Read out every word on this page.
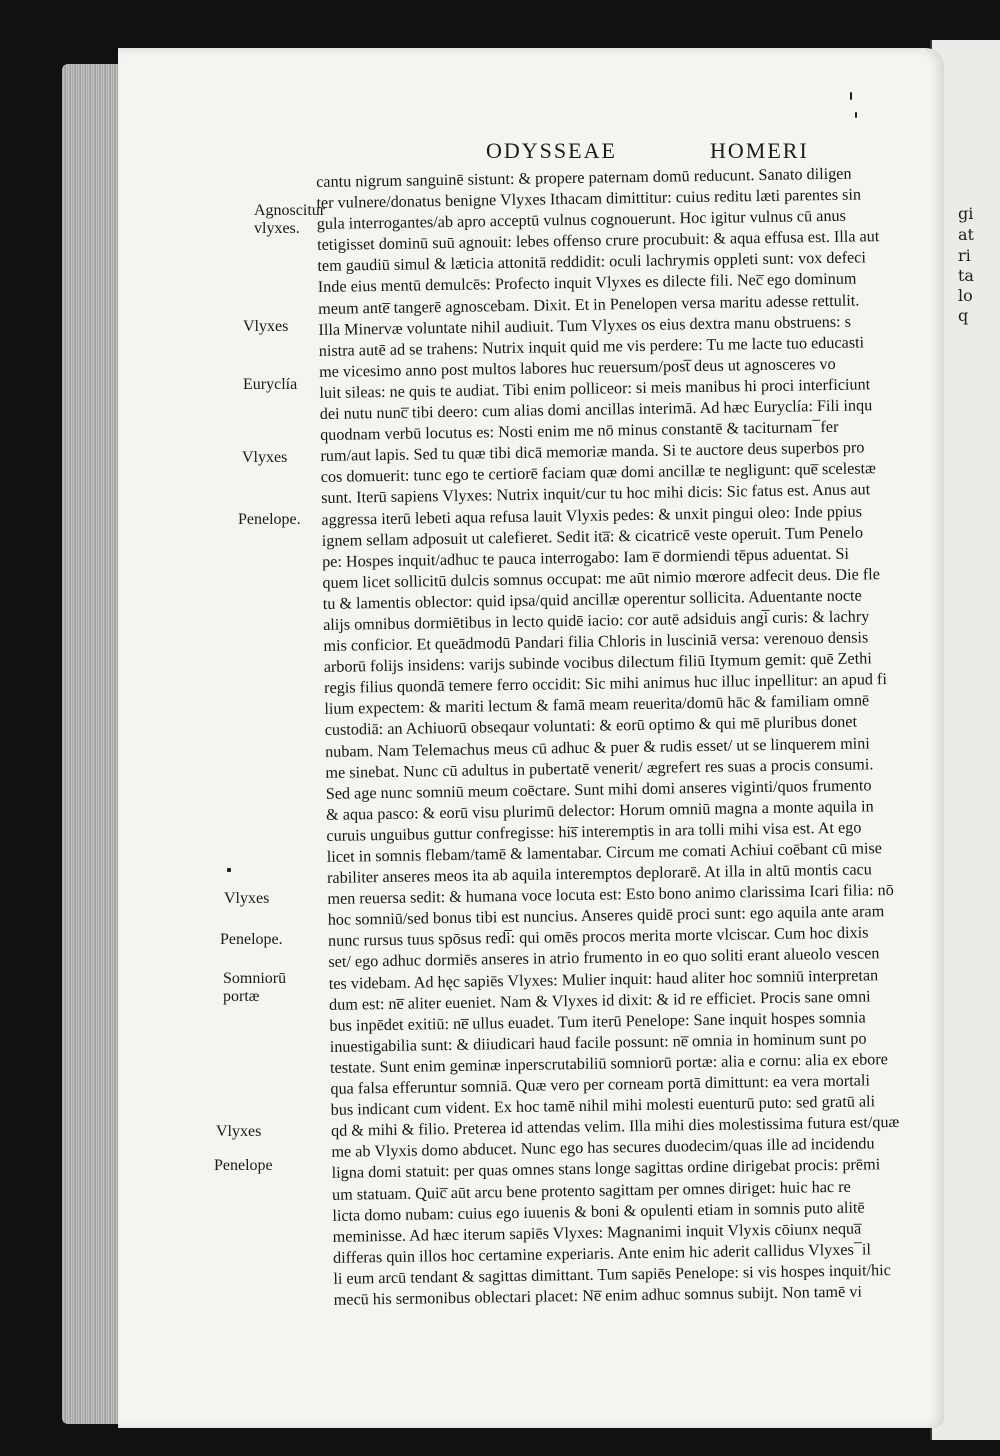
gi
at
ri
ta
lo
q
ODYSSEAE	HOMERI
Agnoscitur
vlyxes.
Vlyxes
Euryclía
Vlyxes
Penelope.
Vlyxes
Penelope.
Somniorū
portæ
Vlyxes
Penelope
cantu nigrum sanguinē sistunt: & propere paternam domū reducunt. Sanato diligen
ter vulnere/donatus benigne Vlyxes Ithacam dimittitur: cuius reditu læti parentes sin
gula interrogantes/ab apro acceptū vulnus cognouerunt. Hoc igitur vulnus cū anus
tetigisset dominū suū agnouit: lebes offenso crure procubuit: & aqua effusa est. Illa aut
tem gaudiū simul & læticia attonitā reddidit: oculi lachrymis oppleti sunt: vox defeci
Inde eius mentū demulcēs: Profecto inquit Vlyxes es dilecte fili. Nec̅ ego dominum
meum ante̅ tangerē agnoscebam. Dixit. Et in Penelopen versa maritu adesse rettulit.
Illa Minervæ voluntate nihil audiuit. Tum Vlyxes os eius dextra manu obstruens: s
nistra autē ad se trahens: Nutrix inquit quid me vis perdere: Tu me lacte tuo educasti
me vicesimo anno post multos labores huc reuersum/post̅ deus ut agnosceres vo
luit sileas: ne quis te audiat. Tibi enim polliceor: si meis manibus hi proci interficiunt
dei nutu nunc̅ tibi deero: cum alias domi ancillas interimā. Ad hæc Euryclía: Fili inqu
quodnam verbū locutus es: Nosti enim me nō minus constantē & taciturnam ̅ fer
rum/aut lapis. Sed tu quæ tibi dicā memoriæ manda. Si te auctore deus superbos pro
cos domuerit: tunc ego te certiorē faciam quæ domi ancillæ te negligunt: que̅ scelestæ
sunt. Iterū sapiens Vlyxes: Nutrix inquit/cur tu hoc mihi dicis: Sic fatus est. Anus aut
aggressa iterū lebeti aqua refusa lauit Vlyxis pedes: & unxit pingui oleo: Inde ppius
ignem sellam adposuit ut calefieret. Sedit ita̅: & cicatricē veste operuit. Tum Penelo
pe: Hospes inquit/adhuc te pauca interrogabo: Iam e̅ dormiendi tēpus aduentat. Si
quem licet sollicitū dulcis somnus occupat: me aūt nimio mœrore adfecit deus. Die fle
tu & lamentis oblector: quid ipsa/quid ancillæ operentur sollicita. Aduentante nocte
alijs omnibus dormiētibus in lecto quidē iacio: cor autē adsiduis angi̅ curis: & lachry
mis conficior. Et queādmodū Pandari filia Chloris in lusciniā versa: verenouo densis
arborū folijs insidens: varijs subinde vocibus dilectum filiū Itymum gemit: quē Zethi
regis filius quondā temere ferro occidit: Sic mihi animus huc illuc inpellitur: an apud fi
lium expectem: & mariti lectum & famā meam reuerita/domū hāc & familiam omnē
custodiā: an Achiuorū obseqaur voluntati: & eorū optimo & qui mē pluribus donet
nubam. Nam Telemachus meus cū adhuc & puer & rudis esset/ ut se linquerem mini
me sinebat. Nunc cū adultus in pubertatē venerit/ ægrefert res suas a procis consumi.
Sed age nunc somniū meum coēctare. Sunt mihi domi anseres viginti/quos frumento
& aqua pasco: & eorū visu plurimū delector: Horum omniū magna a monte aquila in
curuis unguibus guttur confregisse: his̅ interemptis in ara tolli mihi visa est. At ego
licet in somnis flebam/tamē & lamentabar. Circum me comati Achiui coēbant cū mise
rabiliter anseres meos ita ab aquila interemptos deplorarē. At illa in altū montis cacu
men reuersa sedit: & humana voce locuta est: Esto bono animo clarissima Icari filia: nō
hoc somniū/sed bonus tibi est nuncius. Anseres quidē proci sunt: ego aquila ante aram
nunc rursus tuus spōsus redi̅: qui omēs procos merita morte vlciscar. Cum hoc dixis
set/ ego adhuc dormiēs anseres in atrio frumento in eo quo soliti erant alueolo vescen
tes videbam. Ad hęc sapiēs Vlyxes: Mulier inquit: haud aliter hoc somniū interpretan
dum est: ne̅ aliter eueniet. Nam & Vlyxes id dixit: & id re efficiet. Procis sane omni
bus inpēdet exitiū: ne̅ ullus euadet. Tum iterū Penelope: Sane inquit hospes somnia
inuestigabilia sunt: & diiudicari haud facile possunt: ne̅ omnia in hominum sunt po
testate. Sunt enim geminæ inperscrutabiliū somniorū portæ: alia e cornu: alia ex ebore
qua falsa efferuntur somniā. Quæ vero per corneam portā dimittunt: ea vera mortali
bus indicant cum vident. Ex hoc tamē nihil mihi molesti euenturū puto: sed gratū ali
qd & mihi & filio. Preterea id attendas velim. Illa mihi dies molestissima futura est/quæ
me ab Vlyxis domo abducet. Nunc ego has secures duodecim/quas ille ad incidendu
ligna domi statuit: per quas omnes stans longe sagittas ordine dirigebat procis: prēmi
um statuam. Quic̅ aūt arcu bene protento sagittam per omnes diriget: huic hac re
licta domo nubam: cuius ego iuuenis & boni & opulenti etiam in somnis puto alitē
meminisse. Ad hæc iterum sapiēs Vlyxes: Magnanimi inquit Vlyxis cōiunx nequa̅
differas quin illos hoc certamine experiaris. Ante enim hic aderit callidus Vlyxes ̅ il
li eum arcū tendant & sagittas dimittant. Tum sapiēs Penelope: si vis hospes inquit/hic
mecū his sermonibus oblectari placet: Ne̅ enim adhuc somnus subijt. Non tamē vi
